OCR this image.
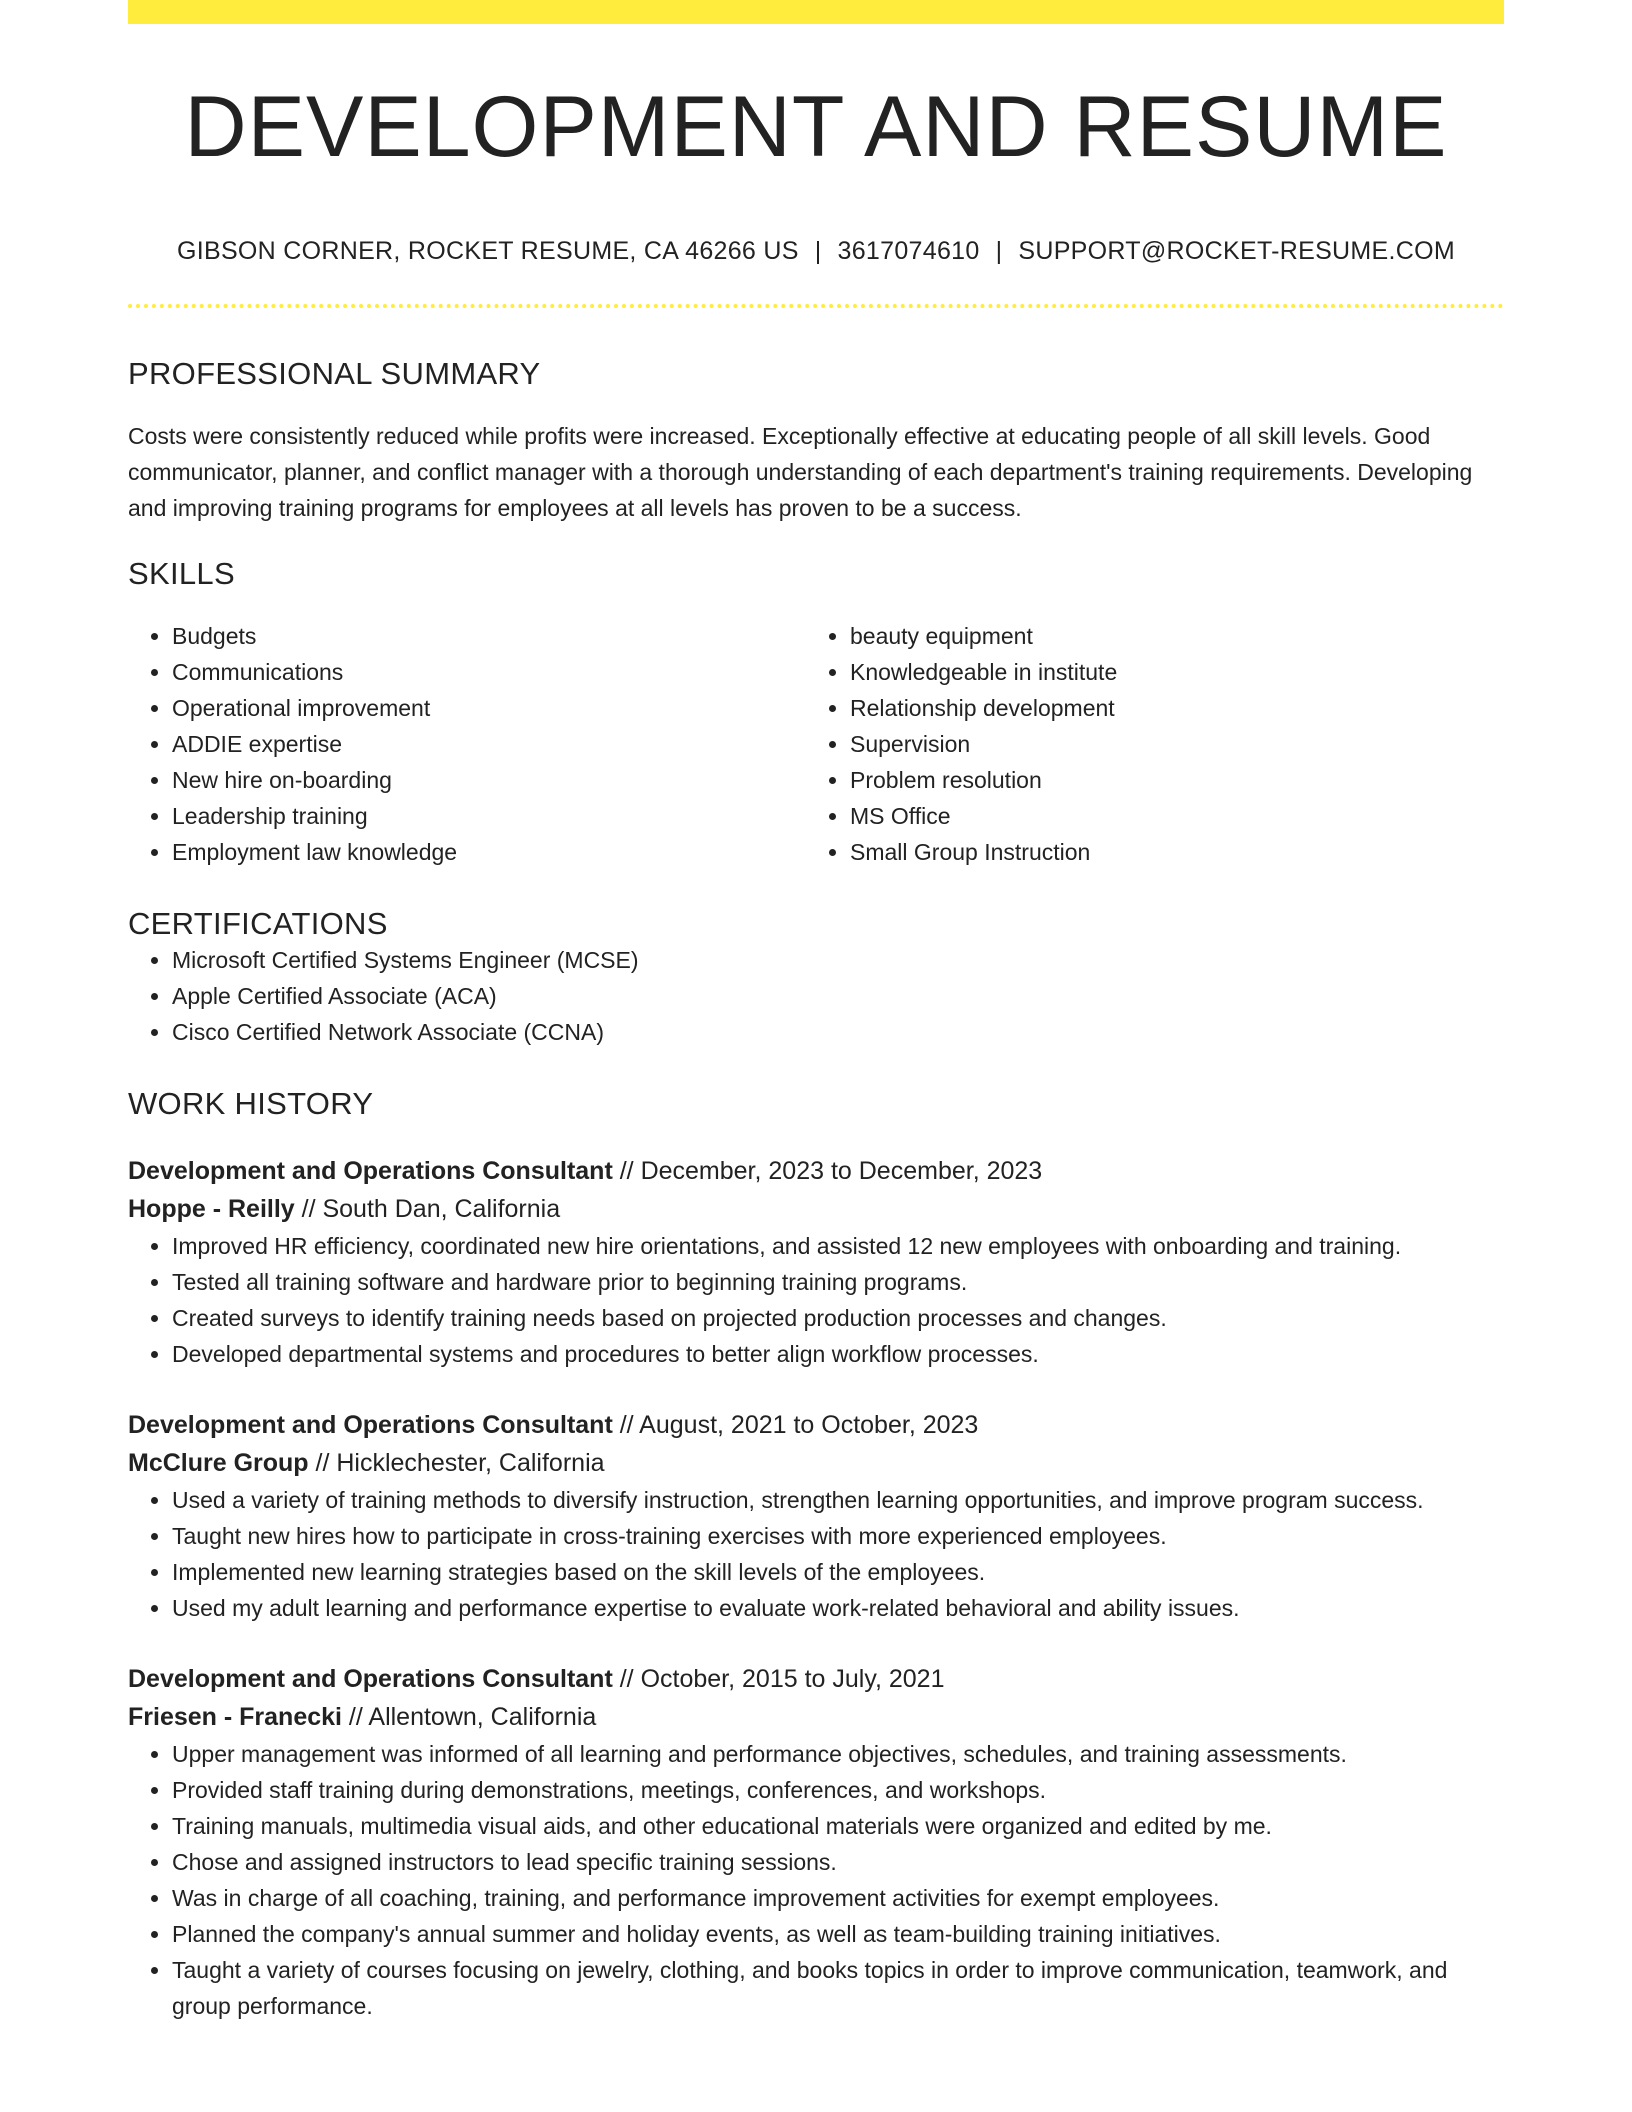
DEVELOPMENT AND RESUME
GIBSON CORNER, ROCKET RESUME, CA 46266 US | 3617074610 | SUPPORT@ROCKET-RESUME.COM
PROFESSIONAL SUMMARY
Costs were consistently reduced while profits were increased. Exceptionally effective at educating people of all skill levels. Good communicator, planner, and conflict manager with a thorough understanding of each department's training requirements. Developing and improving training programs for employees at all levels has proven to be a success.
SKILLS
• Budgets
• Communications
• Operational improvement
• ADDIE expertise
• New hire on-boarding
• Leadership training
• Employment law knowledge
• beauty equipment
• Knowledgeable in institute
• Relationship development
• Supervision
• Problem resolution
• MS Office
• Small Group Instruction
CERTIFICATIONS
• Microsoft Certified Systems Engineer (MCSE)
• Apple Certified Associate (ACA)
• Cisco Certified Network Associate (CCNA)
WORK HISTORY
Development and Operations Consultant // December, 2023 to December, 2023
Hoppe - Reilly // South Dan, California
• Improved HR efficiency, coordinated new hire orientations, and assisted 12 new employees with onboarding and training.
• Tested all training software and hardware prior to beginning training programs.
• Created surveys to identify training needs based on projected production processes and changes.
• Developed departmental systems and procedures to better align workflow processes.
Development and Operations Consultant // August, 2021 to October, 2023
McClure Group // Hicklechester, California
• Used a variety of training methods to diversify instruction, strengthen learning opportunities, and improve program success.
• Taught new hires how to participate in cross-training exercises with more experienced employees.
• Implemented new learning strategies based on the skill levels of the employees.
• Used my adult learning and performance expertise to evaluate work-related behavioral and ability issues.
Development and Operations Consultant // October, 2015 to July, 2021
Friesen - Franecki // Allentown, California
• Upper management was informed of all learning and performance objectives, schedules, and training assessments.
• Provided staff training during demonstrations, meetings, conferences, and workshops.
• Training manuals, multimedia visual aids, and other educational materials were organized and edited by me.
• Chose and assigned instructors to lead specific training sessions.
• Was in charge of all coaching, training, and performance improvement activities for exempt employees.
• Planned the company's annual summer and holiday events, as well as team-building training initiatives.
• Taught a variety of courses focusing on jewelry, clothing, and books topics in order to improve communication, teamwork, and group performance.
